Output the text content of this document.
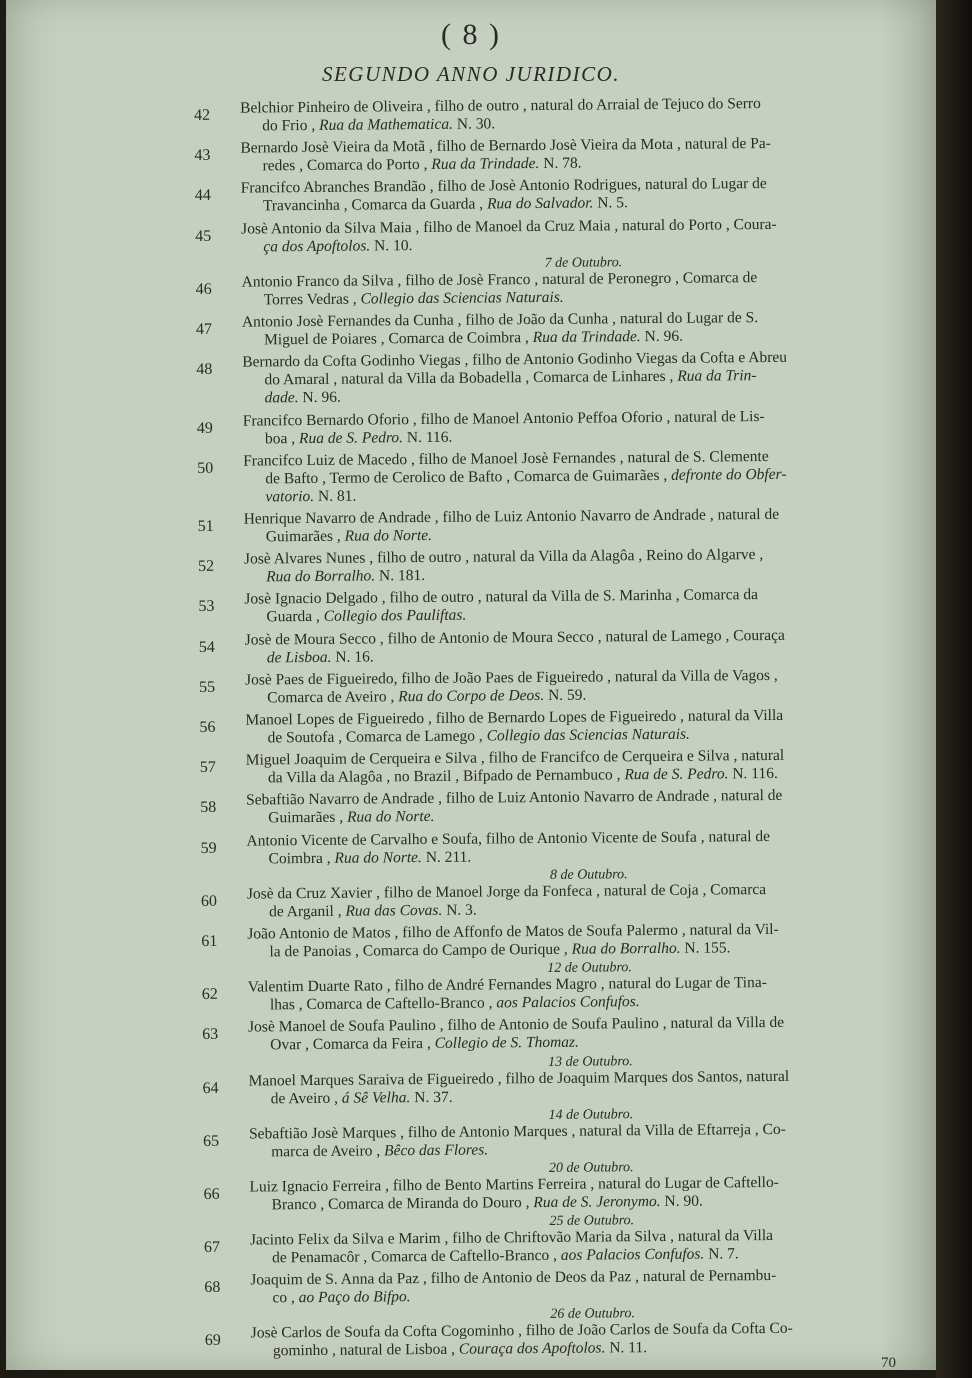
( 8 )
SEGUNDO ANNO JURIDICO.
42	Belchior Pinheiro de Oliveira , filho de outro , natural do Arraial de Tejuco do Serro
do Frio , Rua da Mathematica. N. 30.
43	Bernardo Josè Vieira da Motã , filho de Bernardo Josè Vieira da Mota , natural de Pa-
redes , Comarca do Porto , Rua da Trindade. N. 78.
44	Francifco Abranches Brandão , filho de Josè Antonio Rodrigues, natural do Lugar de
Travancinha , Comarca da Guarda , Rua do Salvador. N. 5.
45	Josè Antonio da Silva Maia , filho de Manoel da Cruz Maia , natural do Porto , Coura-
ça dos Apoftolos. N. 10.
7 de Outubro.
46	Antonio Franco da Silva , filho de Josè Franco , natural de Peronegro , Comarca de
Torres Vedras , Collegio das Sciencias Naturais.
47	Antonio Josè Fernandes da Cunha , filho de João da Cunha , natural do Lugar de S.
Miguel de Poiares , Comarca de Coimbra , Rua da Trindade. N. 96.
48	Bernardo da Cofta Godinho Viegas , filho de Antonio Godinho Viegas da Cofta e Abreu
do Amaral , natural da Villa da Bobadella , Comarca de Linhares , Rua da Trin-
dade. N. 96.
49	Francifco Bernardo Oforio , filho de Manoel Antonio Peffoa Oforio , natural de Lis-
boa , Rua de S. Pedro. N. 116.
50	Francifco Luiz de Macedo , filho de Manoel Josè Fernandes , natural de S. Clemente
de Bafto , Termo de Cerolico de Bafto , Comarca de Guimarães , defronte do Obfer-
vatorio. N. 81.
51	Henrique Navarro de Andrade , filho de Luiz Antonio Navarro de Andrade , natural de
Guimarães , Rua do Norte.
52	Josè Alvares Nunes , filho de outro , natural da Villa da Alagôa , Reino do Algarve ,
Rua do Borralho. N. 181.
53	Josè Ignacio Delgado , filho de outro , natural da Villa de S. Marinha , Comarca da
Guarda , Collegio dos Pauliftas.
54	Josè de Moura Secco , filho de Antonio de Moura Secco , natural de Lamego , Couraça
de Lisboa. N. 16.
55	Josè Paes de Figueiredo, filho de João Paes de Figueiredo , natural da Villa de Vagos ,
Comarca de Aveiro , Rua do Corpo de Deos. N. 59.
56	Manoel Lopes de Figueiredo , filho de Bernardo Lopes de Figueiredo , natural da Villa
de Soutofa , Comarca de Lamego , Collegio das Sciencias Naturais.
57	Miguel Joaquim de Cerqueira e Silva , filho de Francifco de Cerqueira e Silva , natural
da Villa da Alagôa , no Brazil , Bifpado de Pernambuco , Rua de S. Pedro. N. 116.
58	Sebaftião Navarro de Andrade , filho de Luiz Antonio Navarro de Andrade , natural de
Guimarães , Rua do Norte.
59	Antonio Vicente de Carvalho e Soufa, filho de Antonio Vicente de Soufa , natural de
Coimbra , Rua do Norte. N. 211.
8 de Outubro.
60	Josè da Cruz Xavier , filho de Manoel Jorge da Fonfeca , natural de Coja , Comarca
de Arganil , Rua das Covas. N. 3.
61	João Antonio de Matos , filho de Affonfo de Matos de Soufa Palermo , natural da Vil-
la de Panoias , Comarca do Campo de Ourique , Rua do Borralho. N. 155.
12 de Outubro.
62	Valentim Duarte Rato , filho de André Fernandes Magro , natural do Lugar de Tina-
lhas , Comarca de Caftello-Branco , aos Palacios Confufos.
63	Josè Manoel de Soufa Paulino , filho de Antonio de Soufa Paulino , natural da Villa de
Ovar , Comarca da Feira , Collegio de S. Thomaz.
13 de Outubro.
64	Manoel Marques Saraiva de Figueiredo , filho de Joaquim Marques dos Santos, natural
de Aveiro , á Sê Velha. N. 37.
14 de Outubro.
65	Sebaftião Josè Marques , filho de Antonio Marques , natural da Villa de Eftarreja , Co-
marca de Aveiro , Bêco das Flores.
20 de Outubro.
66	Luiz Ignacio Ferreira , filho de Bento Martins Ferreira , natural do Lugar de Caftello-
Branco , Comarca de Miranda do Douro , Rua de S. Jeronymo. N. 90.
25 de Outubro.
67	Jacinto Felix da Silva e Marim , filho de Chriftovão Maria da Silva , natural da Villa
de Penamacôr , Comarca de Caftello-Branco , aos Palacios Confufos. N. 7.
68	Joaquim de S. Anna da Paz , filho de Antonio de Deos da Paz , natural de Pernambu-
co , ao Paço do Bifpo.
26 de Outubro.
69	Josè Carlos de Soufa da Cofta Cogominho , filho de João Carlos de Soufa da Cofta Co-
gominho , natural de Lisboa , Couraça dos Apoftolos. N. 11.
70
